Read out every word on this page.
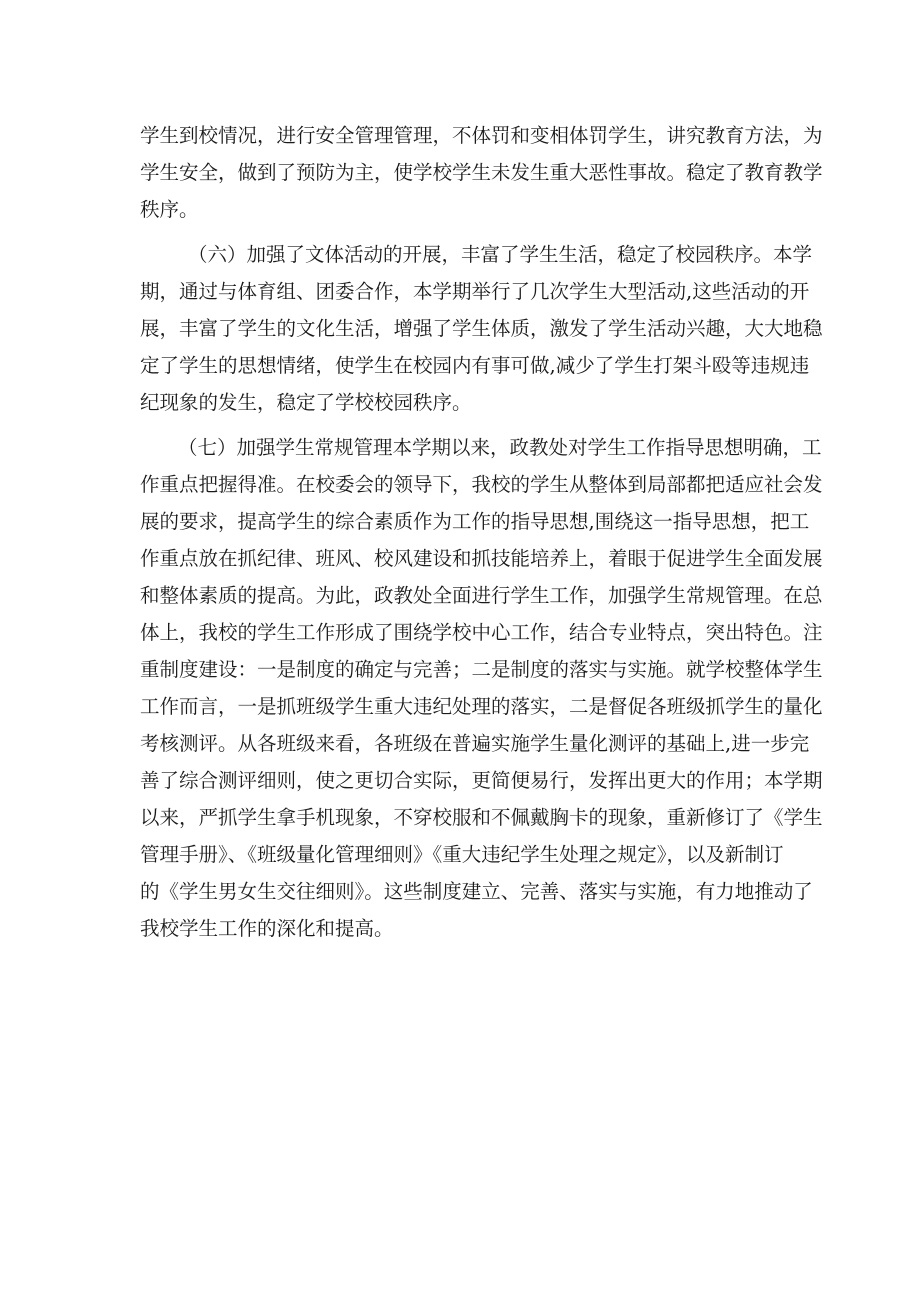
学生到校情况，进行安全管理管理，不体罚和变相体罚学生，讲究教育方法，为
学生安全，做到了预防为主，使学校学生未发生重大恶性事故。稳定了教育教学
秩序。

（六）加强了文体活动的开展，丰富了学生生活，稳定了校园秩序。本学
期，通过与体育组、团委合作，本学期举行了几次学生大型活动,这些活动的开
展，丰富了学生的文化生活，增强了学生体质，激发了学生活动兴趣，大大地稳
定了学生的思想情绪，使学生在校园内有事可做,减少了学生打架斗殴等违规违
纪现象的发生，稳定了学校校园秩序。

（七）加强学生常规管理本学期以来，政教处对学生工作指导思想明确，工
作重点把握得准。在校委会的领导下，我校的学生从整体到局部都把适应社会发
展的要求，提高学生的综合素质作为工作的指导思想,围绕这一指导思想，把工
作重点放在抓纪律、班风、校风建设和抓技能培养上，着眼于促进学生全面发展
和整体素质的提高。为此，政教处全面进行学生工作，加强学生常规管理。在总
体上，我校的学生工作形成了围绕学校中心工作，结合专业特点，突出特色。注
重制度建设：一是制度的确定与完善；二是制度的落实与实施。就学校整体学生
工作而言，一是抓班级学生重大违纪处理的落实，二是督促各班级抓学生的量化
考核测评。从各班级来看，各班级在普遍实施学生量化测评的基础上,进一步完
善了综合测评细则，使之更切合实际，更简便易行，发挥出更大的作用；本学期
以来，严抓学生拿手机现象，不穿校服和不佩戴胸卡的现象，重新修订了《学生
管理手册》、《班级量化管理细则》《重大违纪学生处理之规定》，以及新制订
的《学生男女生交往细则》。这些制度建立、完善、落实与实施，有力地推动了
我校学生工作的深化和提高。
